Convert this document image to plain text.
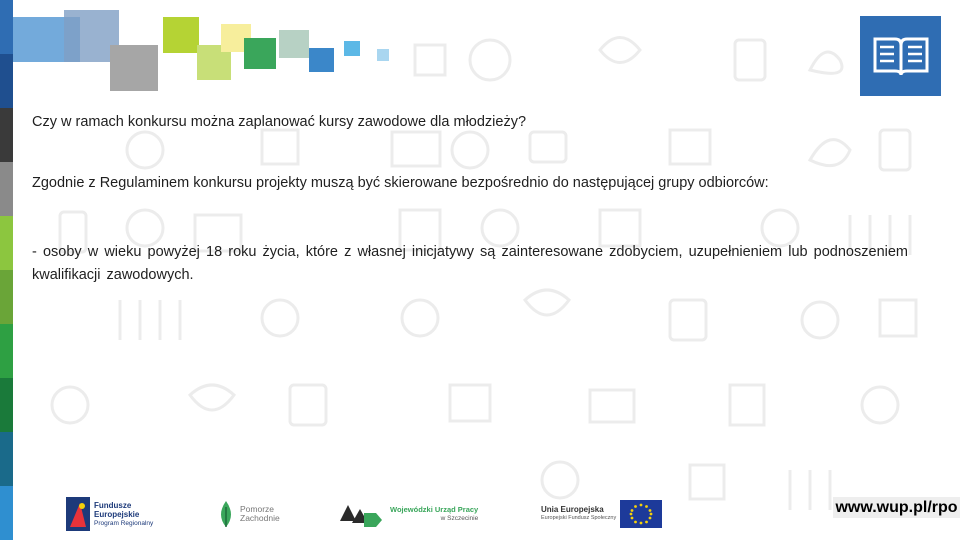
Czy w ramach konkursu można zaplanować kursy zawodowe dla młodzieży?
Zgodnie z Regulaminem konkursu projekty muszą być skierowane bezpośrednio do następującej grupy odbiorców:
- osoby w wieku powyżej 18 roku życia, które z własnej inicjatywy są zainteresowane zdobyciem, uzupełnieniem lub podnoszeniem kwalifikacji zawodowych.
Fundusze
Europejskie
Program Regionalny
Pomorze
Zachodnie
Wojewódzki Urząd Pracy
w Szczecinie
Unia Europejska
Europejski Fundusz Społeczny
www.wup.pl/rpo
